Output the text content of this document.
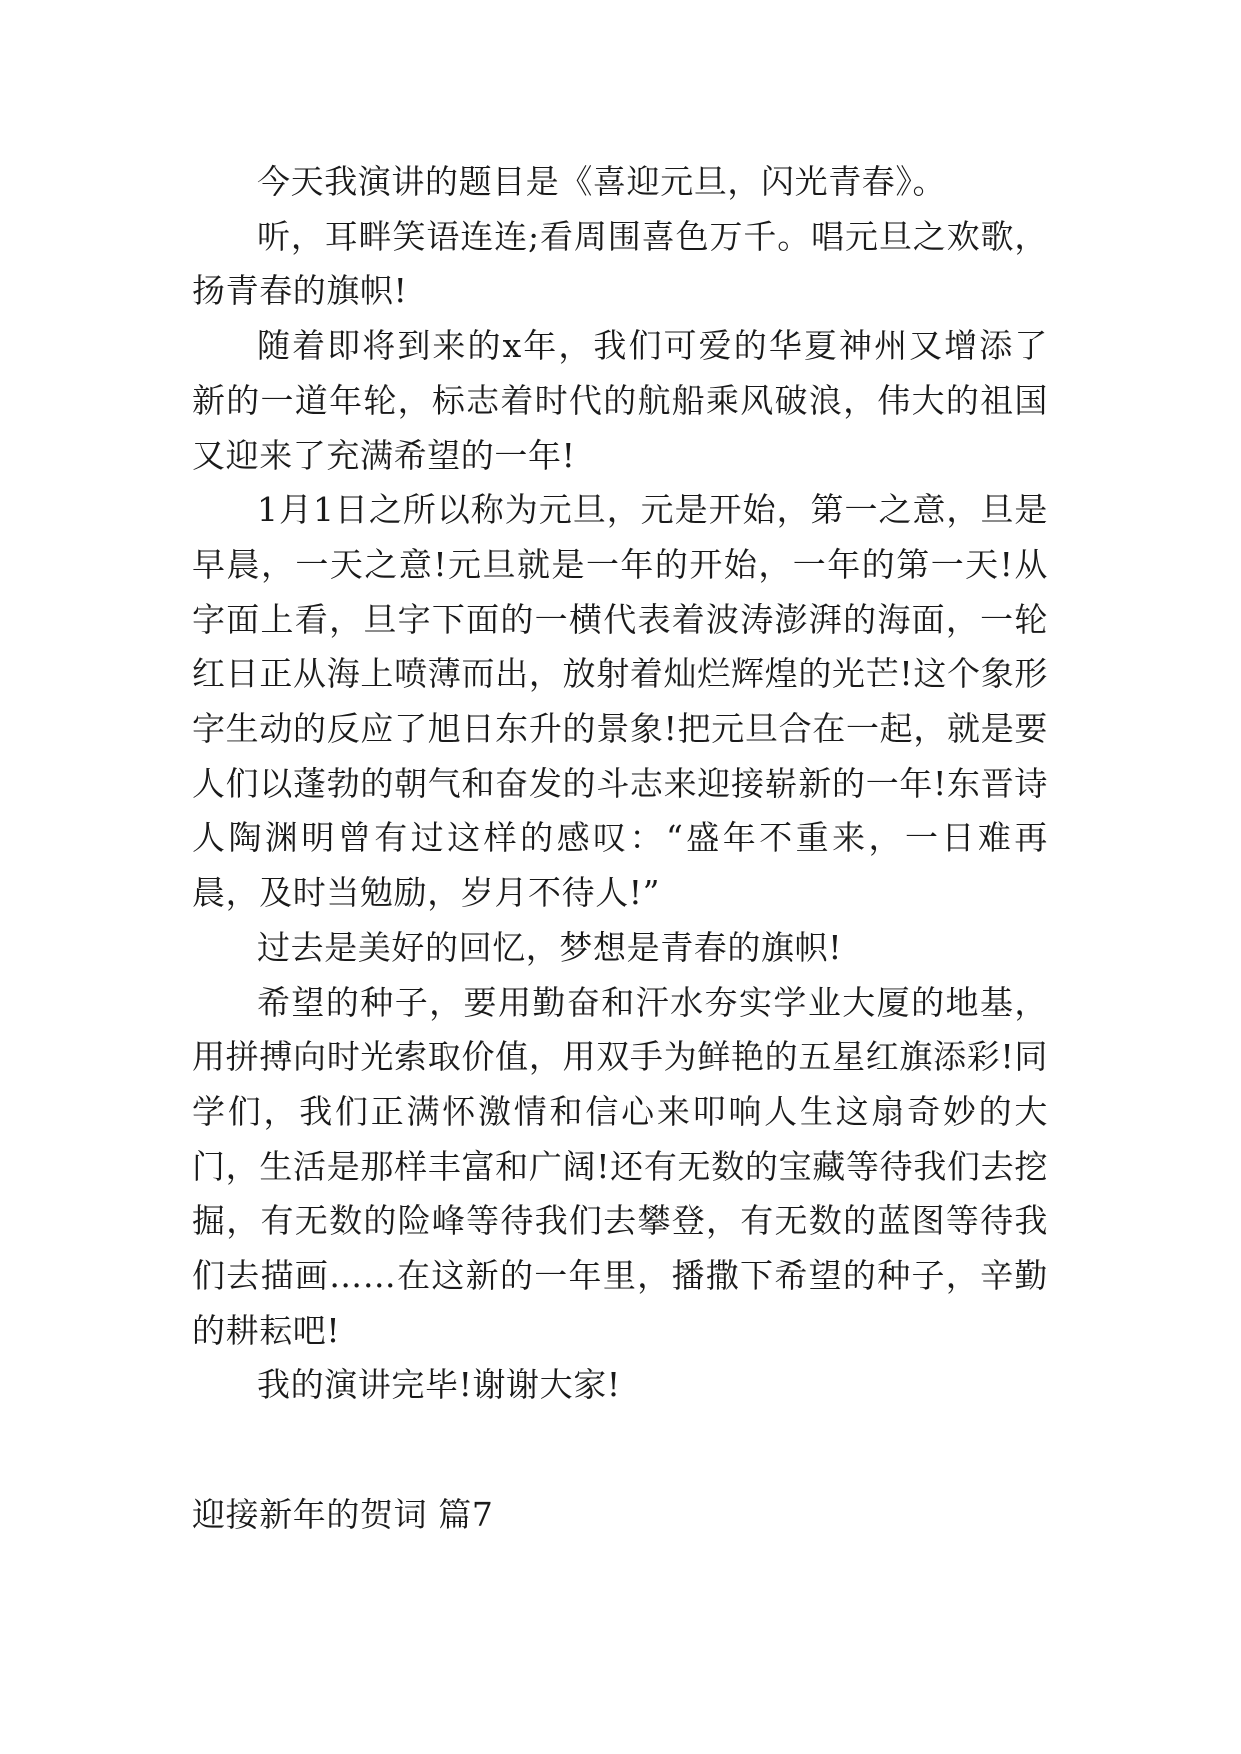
今天我演讲的题目是《喜迎元旦，闪光青春》。

听，耳畔笑语连连;看周围喜色万千。唱元旦之欢歌，扬青春的旗帜!

随着即将到来的x年，我们可爱的华夏神州又增添了新的一道年轮，标志着时代的航船乘风破浪，伟大的祖国又迎来了充满希望的一年!

1月1日之所以称为元旦，元是开始，第一之意，旦是早晨，一天之意!元旦就是一年的开始，一年的第一天!从字面上看，旦字下面的一横代表着波涛澎湃的海面，一轮红日正从海上喷薄而出，放射着灿烂辉煌的光芒!这个象形字生动的反应了旭日东升的景象!把元旦合在一起，就是要人们以蓬勃的朝气和奋发的斗志来迎接崭新的一年!东晋诗人陶渊明曾有过这样的感叹：“盛年不重来，一日难再晨，及时当勉励，岁月不待人!”

过去是美好的回忆，梦想是青春的旗帜!

希望的种子，要用勤奋和汗水夯实学业大厦的地基，用拼搏向时光索取价值，用双手为鲜艳的五星红旗添彩!同学们，我们正满怀激情和信心来叩响人生这扇奇妙的大门，生活是那样丰富和广阔!还有无数的宝藏等待我们去挖掘，有无数的险峰等待我们去攀登，有无数的蓝图等待我们去描画……在这新的一年里，播撒下希望的种子，辛勤的耕耘吧!

我的演讲完毕!谢谢大家!

迎接新年的贺词 篇7
